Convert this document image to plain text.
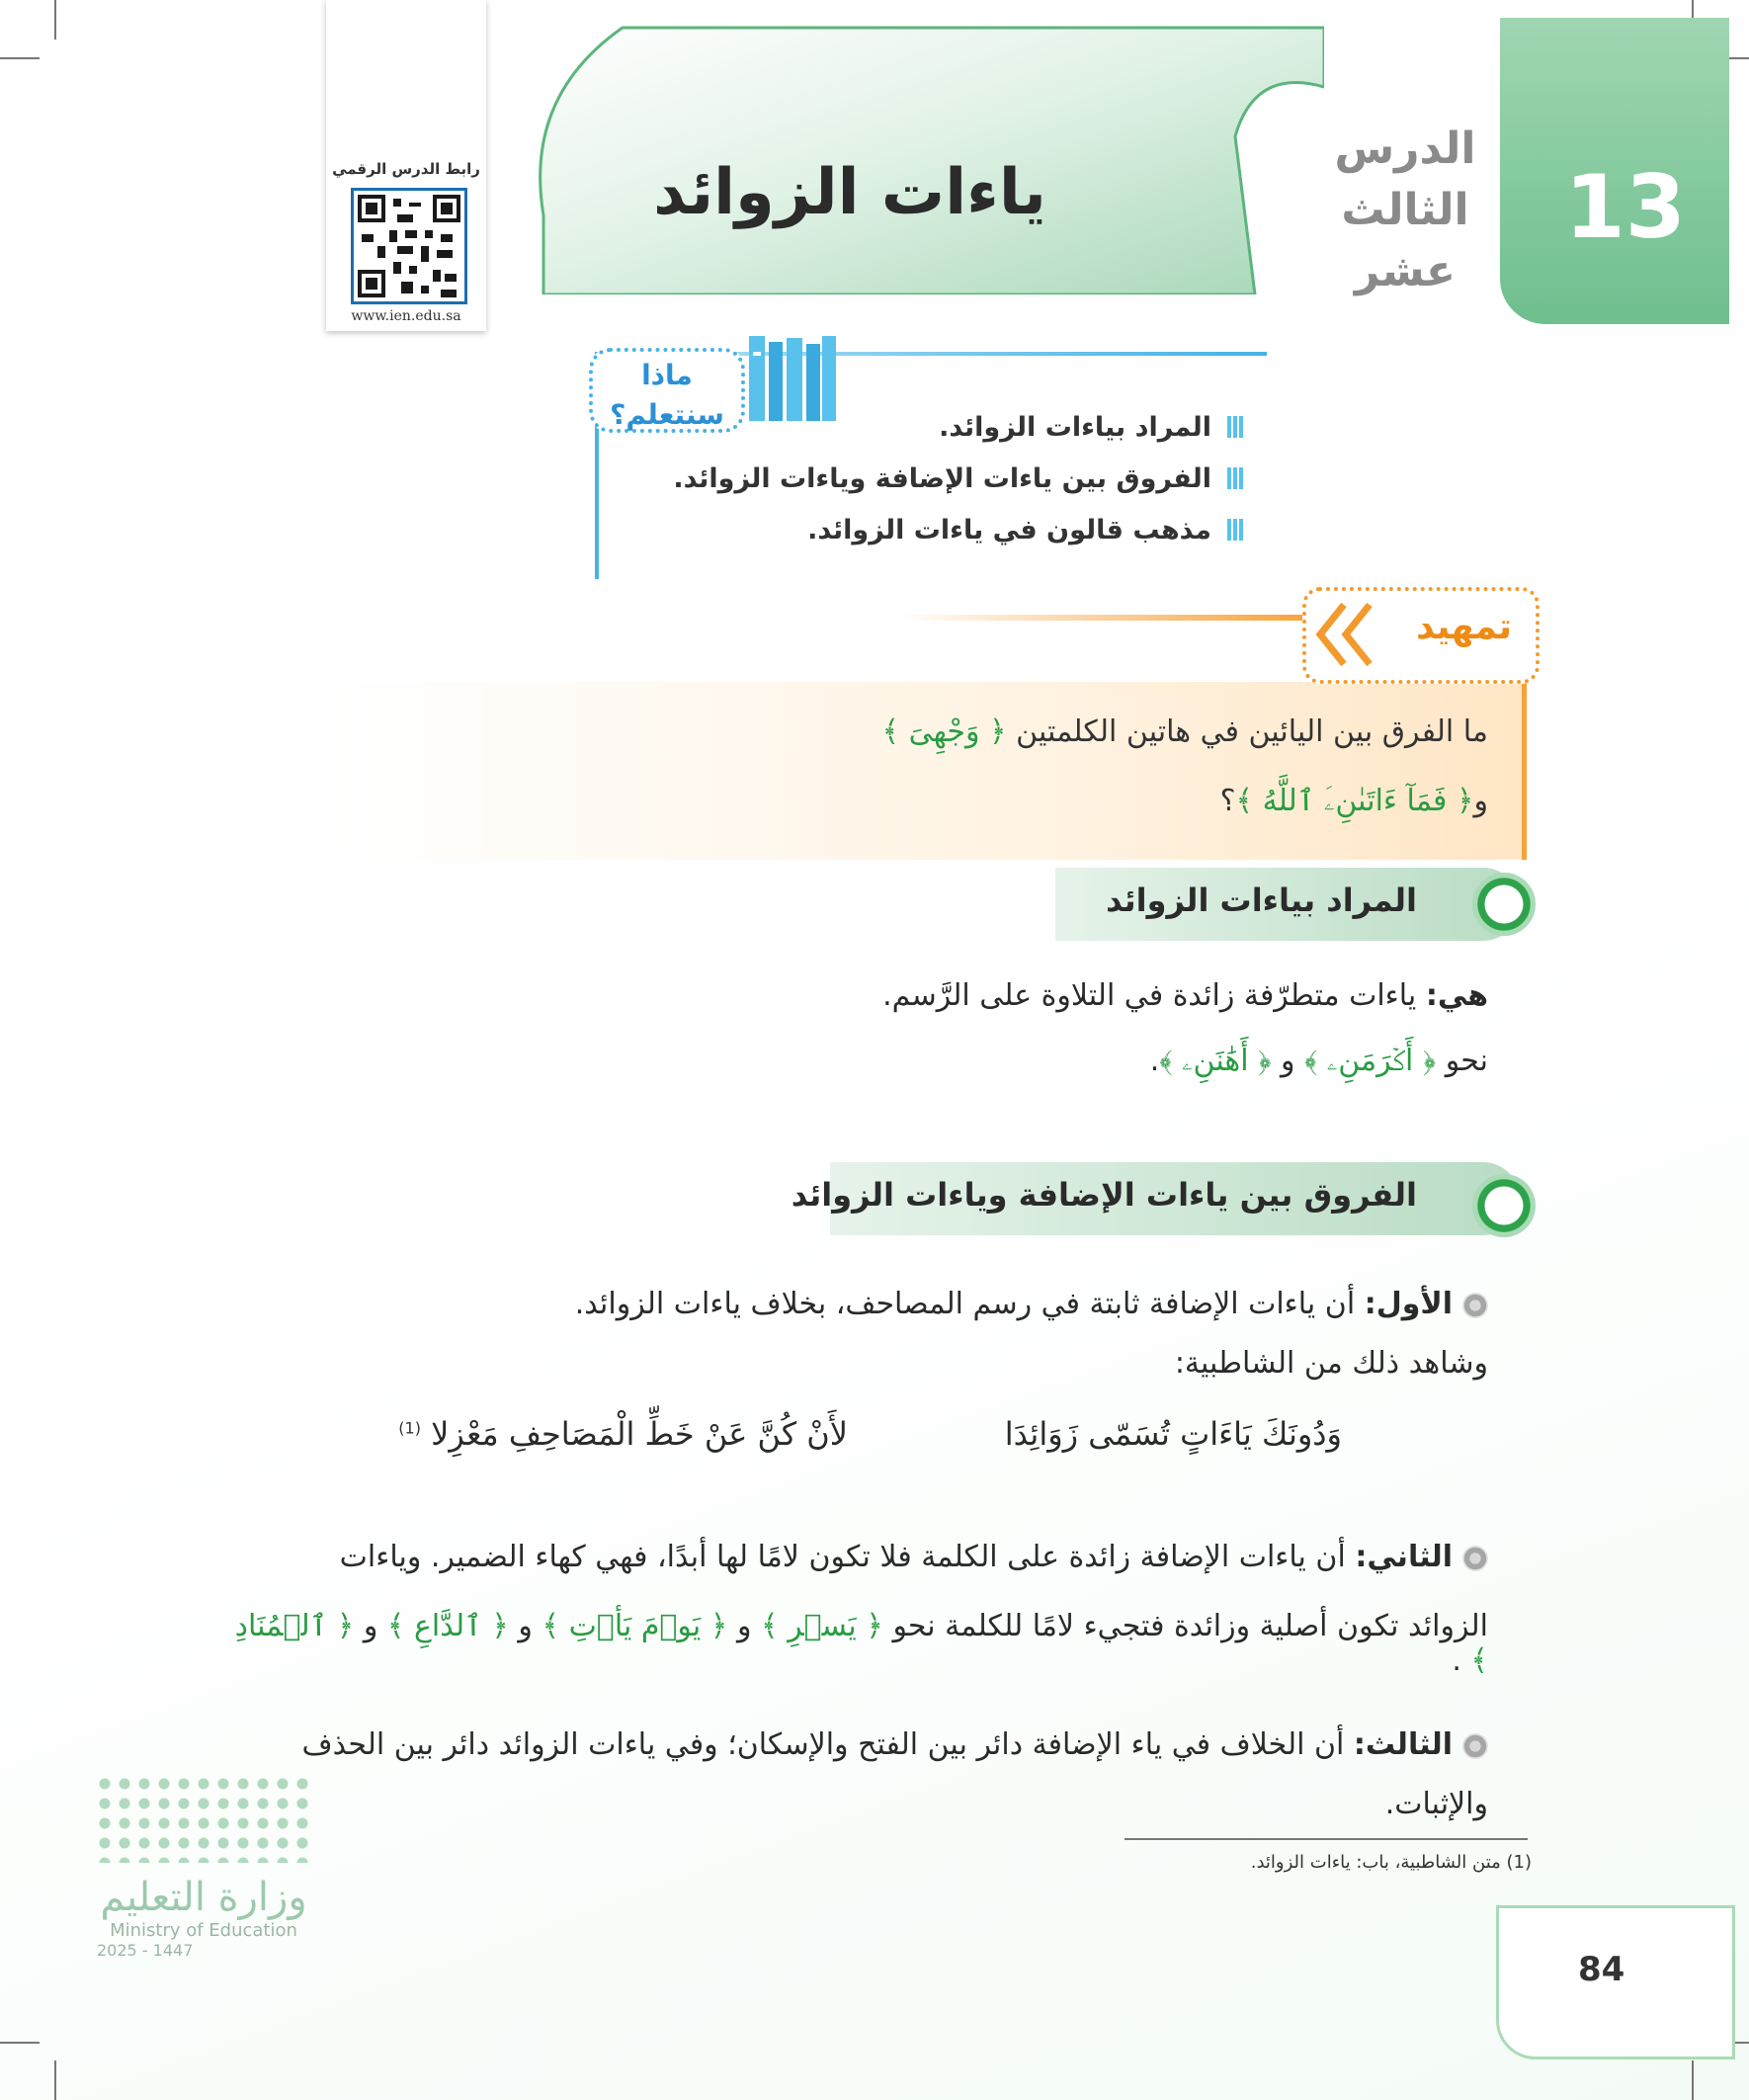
13
الدرس
الثالث
عشر
ياءات الزوائد
رابط الدرس الرقمي
www.ien.edu.sa
ماذا
سنتعلم؟	المراد بياءات الزوائد.
الفروق بين ياءات الإضافة وياءات الزوائد.
مذهب قالون في ياءات الزوائد.
تمهيد
ما الفرق بين اليائين في هاتين الكلمتين ﴿ وَجْهِىَ ﴾
و﴿ فَمَآ ءَاتَىٰنِۦَ ٱللَّهُ ﴾؟
المراد بياءات الزوائد
هي: ياءات متطرّفة زائدة في التلاوة على الرَّسم.
نحو ﴿ أَكۡرَمَنِۦ ﴾ و ﴿ أَهَٰنَنِۦ ﴾.
الفروق بين ياءات الإضافة وياءات الزوائد
الأول: أن ياءات الإضافة ثابتة في رسم المصاحف، بخلاف ياءات الزوائد.
وشاهد ذلك من الشاطبية:
وَدُونَكَ يَاءَاتٍ تُسَمّى زَوَائِدَا
لأَنْ كُنَّ عَنْ خَطِّ الْمَصَاحِفِ مَعْزِلا $^{(1)}$
الثاني: أن ياءات الإضافة زائدة على الكلمة فلا تكون لامًا لها أبدًا، فهي كهاء الضمير. وياءات
الزوائد تكون أصلية وزائدة فتجيء لامًا للكلمة نحو ﴿ يَسۡرِ ﴾ و ﴿ يَوۡمَ يَأۡتِ ﴾ و ﴿ ٱلدَّاعِ ﴾ و ﴿ ٱلۡمُنَادِ ﴾ .
الثالث: أن الخلاف في ياء الإضافة دائر بين الفتح والإسكان؛ وفي ياءات الزوائد دائر بين الحذف
والإثبات.
(1) متن الشاطبية، باب: ياءات الزوائد.
وزارة التعليم
Ministry of Education
2025 - 1447	84
